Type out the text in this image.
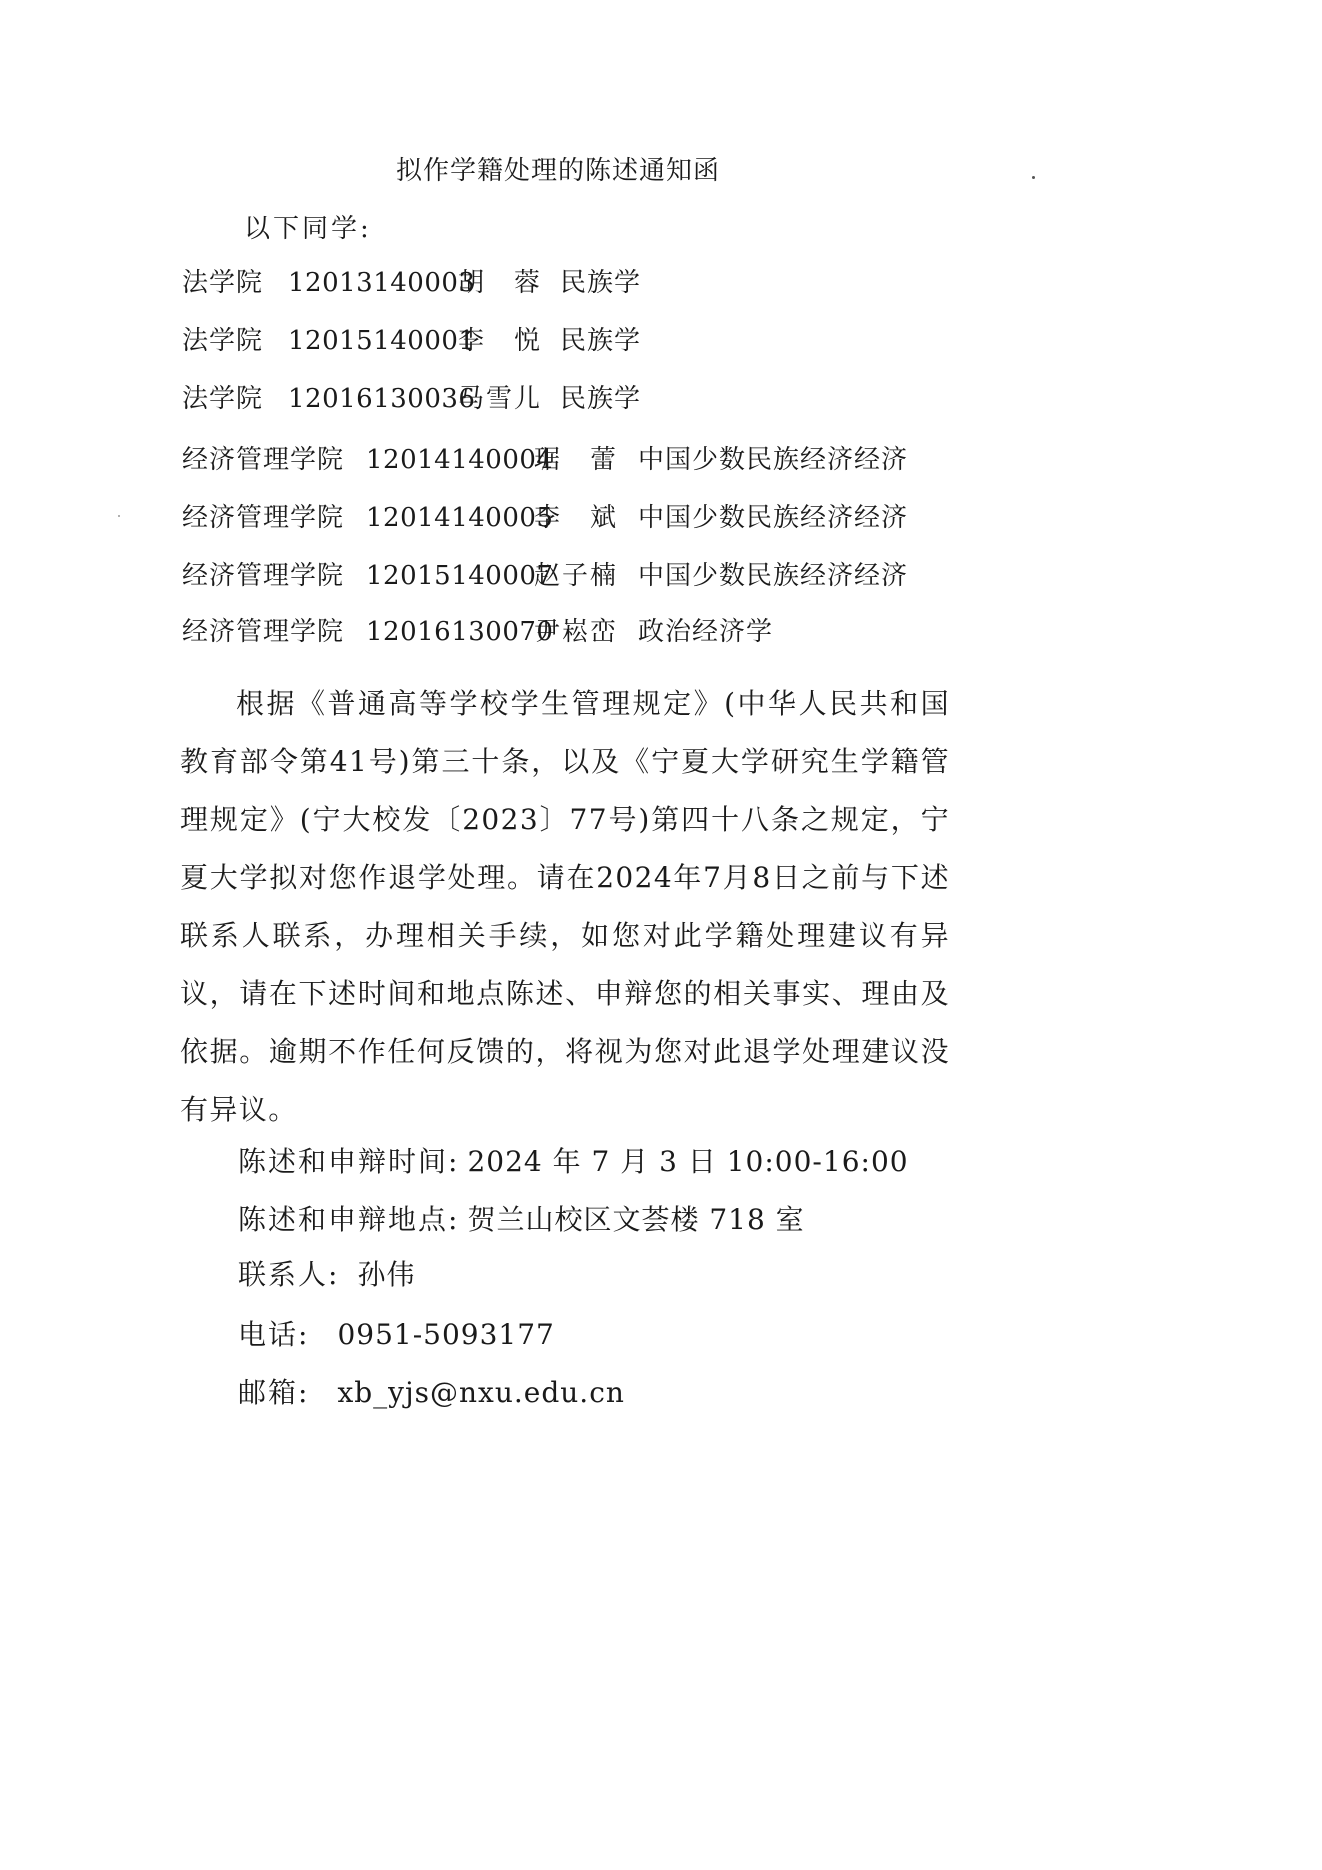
拟作学籍处理的陈述通知函
以下同学:
法学院 12013140003
胡　蓉 民族学
法学院 12015140001
李　悦 民族学
法学院 12016130036
马雪儿 民族学
经济管理学院 12014140004
琚　蕾 中国少数民族经济经济
经济管理学院 12014140005
李　斌 中国少数民族经济经济
经济管理学院 12015140007
赵子楠 中国少数民族经济经济
经济管理学院 12016130070
尹崧峦 政治经济学
根据《普通高等学校学生管理规定》(中华人民共和国教育部令第41号)第三十条，以及《宁夏大学研究生学籍管理规定》(宁大校发〔2023〕77号)第四十八条之规定，宁夏大学拟对您作退学处理。请在2024年7月8日之前与下述联系人联系，办理相关手续，如您对此学籍处理建议有异议，请在下述时间和地点陈述、申辩您的相关事实、理由及依据。逾期不作任何反馈的，将视为您对此退学处理建议没有异议。
陈述和申辩时间: 2024 年 7 月 3 日 10:00-16:00
陈述和申辩地点: 贺兰山校区文荟楼 718 室
联系人: 孙伟
电话: 0951-5093177
邮箱: xb_yjs@nxu.edu.cn
